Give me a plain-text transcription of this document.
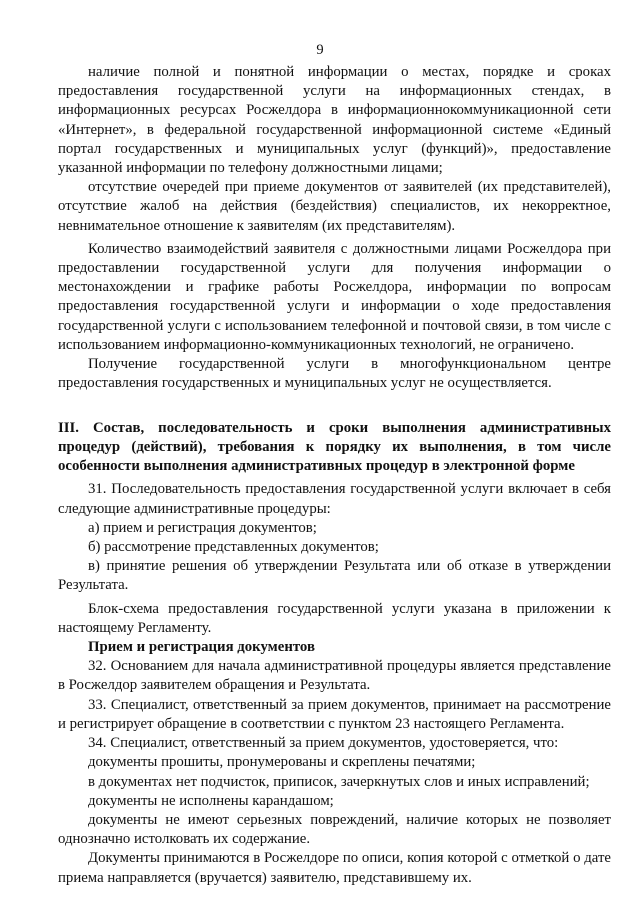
9

наличие полной и понятной информации о местах, порядке и сроках предоставления государственной услуги на информационных стендах, в информационных ресурсах Росжелдора в информационнокоммуникационной сети «Интернет», в федеральной государственной информационной системе «Единый портал государственных и муниципальных услуг (функций)», предоставление указанной информации по телефону должностными лицами;

отсутствие очередей при приеме документов от заявителей (их представителей), отсутствие жалоб на действия (бездействия) специалистов, их некорректное, невнимательное отношение к заявителям (их представителям).

Количество взаимодействий заявителя с должностными лицами Росжелдора при предоставлении государственной услуги для получения информации о местонахождении и графике работы Росжелдора, информации по вопросам предоставления государственной услуги и информации о ходе предоставления государственной услуги с использованием телефонной и почтовой связи, в том числе с использованием информационно-коммуникационных технологий, не ограничено.

Получение государственной услуги в многофункциональном центре предоставления государственных и муниципальных услуг не осуществляется.

III. Состав, последовательность и сроки выполнения административных процедур (действий), требования к порядку их выполнения, в том числе особенности выполнения административных процедур в электронной форме

31. Последовательность предоставления государственной услуги включает в себя следующие административные процедуры:

а) прием и регистрация документов;

б) рассмотрение представленных документов;

в) принятие решения об утверждении Результата или об отказе в утверждении Результата.

Блок-схема предоставления государственной услуги указана в приложении к настоящему Регламенту.

Прием и регистрация документов

32. Основанием для начала административной процедуры является представление в Росжелдор заявителем обращения и Результата.

33. Специалист, ответственный за прием документов, принимает на рассмотрение и регистрирует обращение в соответствии с пунктом 23 настоящего Регламента.

34. Специалист, ответственный за прием документов, удостоверяется, что:

документы прошиты, пронумерованы и скреплены печатями;

в документах нет подчисток, приписок, зачеркнутых слов и иных исправлений;

документы не исполнены карандашом;

документы не имеют серьезных повреждений, наличие которых не позволяет однозначно истолковать их содержание.

Документы принимаются в Росжелдоре по описи, копия которой с отметкой о дате приема направляется (вручается) заявителю, представившему их.
